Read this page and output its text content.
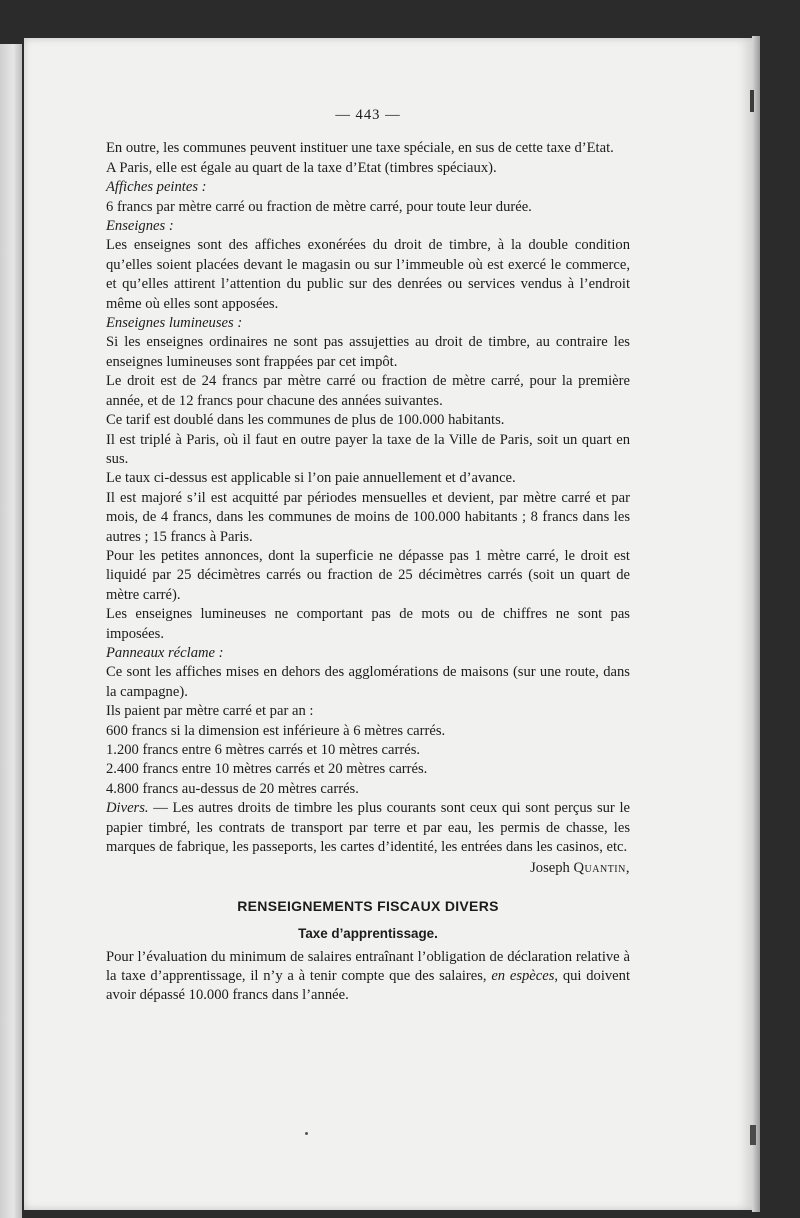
— 443 —

En outre, les communes peuvent instituer une taxe spéciale, en sus de cette taxe d’Etat.

A Paris, elle est égale au quart de la taxe d’Etat (timbres spéciaux).

Affiches peintes :

6 francs par mètre carré ou fraction de mètre carré, pour toute leur durée.

Enseignes :

Les enseignes sont des affiches exonérées du droit de timbre, à la double condition qu’elles soient placées devant le magasin ou sur l’immeuble où est exercé le commerce, et qu’elles attirent l’attention du public sur des denrées ou services vendus à l’endroit même où elles sont apposées.

Enseignes lumineuses :

Si les enseignes ordinaires ne sont pas assujetties au droit de timbre, au contraire les enseignes lumineuses sont frappées par cet impôt.

Le droit est de 24 francs par mètre carré ou fraction de mètre carré, pour la première année, et de 12 francs pour chacune des années suivantes.

Ce tarif est doublé dans les communes de plus de 100.000 habitants.

Il est triplé à Paris, où il faut en outre payer la taxe de la Ville de Paris, soit un quart en sus.

Le taux ci-dessus est applicable si l’on paie annuellement et d’avance.

Il est majoré s’il est acquitté par périodes mensuelles et devient, par mètre carré et par mois, de 4 francs, dans les communes de moins de 100.000 habitants ; 8 francs dans les autres ; 15 francs à Paris.

Pour les petites annonces, dont la superficie ne dépasse pas 1 mètre carré, le droit est liquidé par 25 décimètres carrés ou fraction de 25 décimètres carrés (soit un quart de mètre carré).

Les enseignes lumineuses ne comportant pas de mots ou de chiffres ne sont pas imposées.

Panneaux réclame :

Ce sont les affiches mises en dehors des agglomérations de maisons (sur une route, dans la campagne).

Ils paient par mètre carré et par an :

600 francs si la dimension est inférieure à 6 mètres carrés.

1.200 francs entre 6 mètres carrés et 10 mètres carrés.

2.400 francs entre 10 mètres carrés et 20 mètres carrés.

4.800 francs au-dessus de 20 mètres carrés.

Divers. — Les autres droits de timbre les plus courants sont ceux qui sont perçus sur le papier timbré, les contrats de transport par terre et par eau, les permis de chasse, les marques de fabrique, les passeports, les cartes d’identité, les entrées dans les casinos, etc.

Joseph Quantin,

RENSEIGNEMENTS FISCAUX DIVERS
Taxe d’apprentissage.

Pour l’évaluation du minimum de salaires entraînant l’obligation de déclaration relative à la taxe d’apprentissage, il n’y a à tenir compte que des salaires, en espèces, qui doivent avoir dépassé 10.000 francs dans l’année.
